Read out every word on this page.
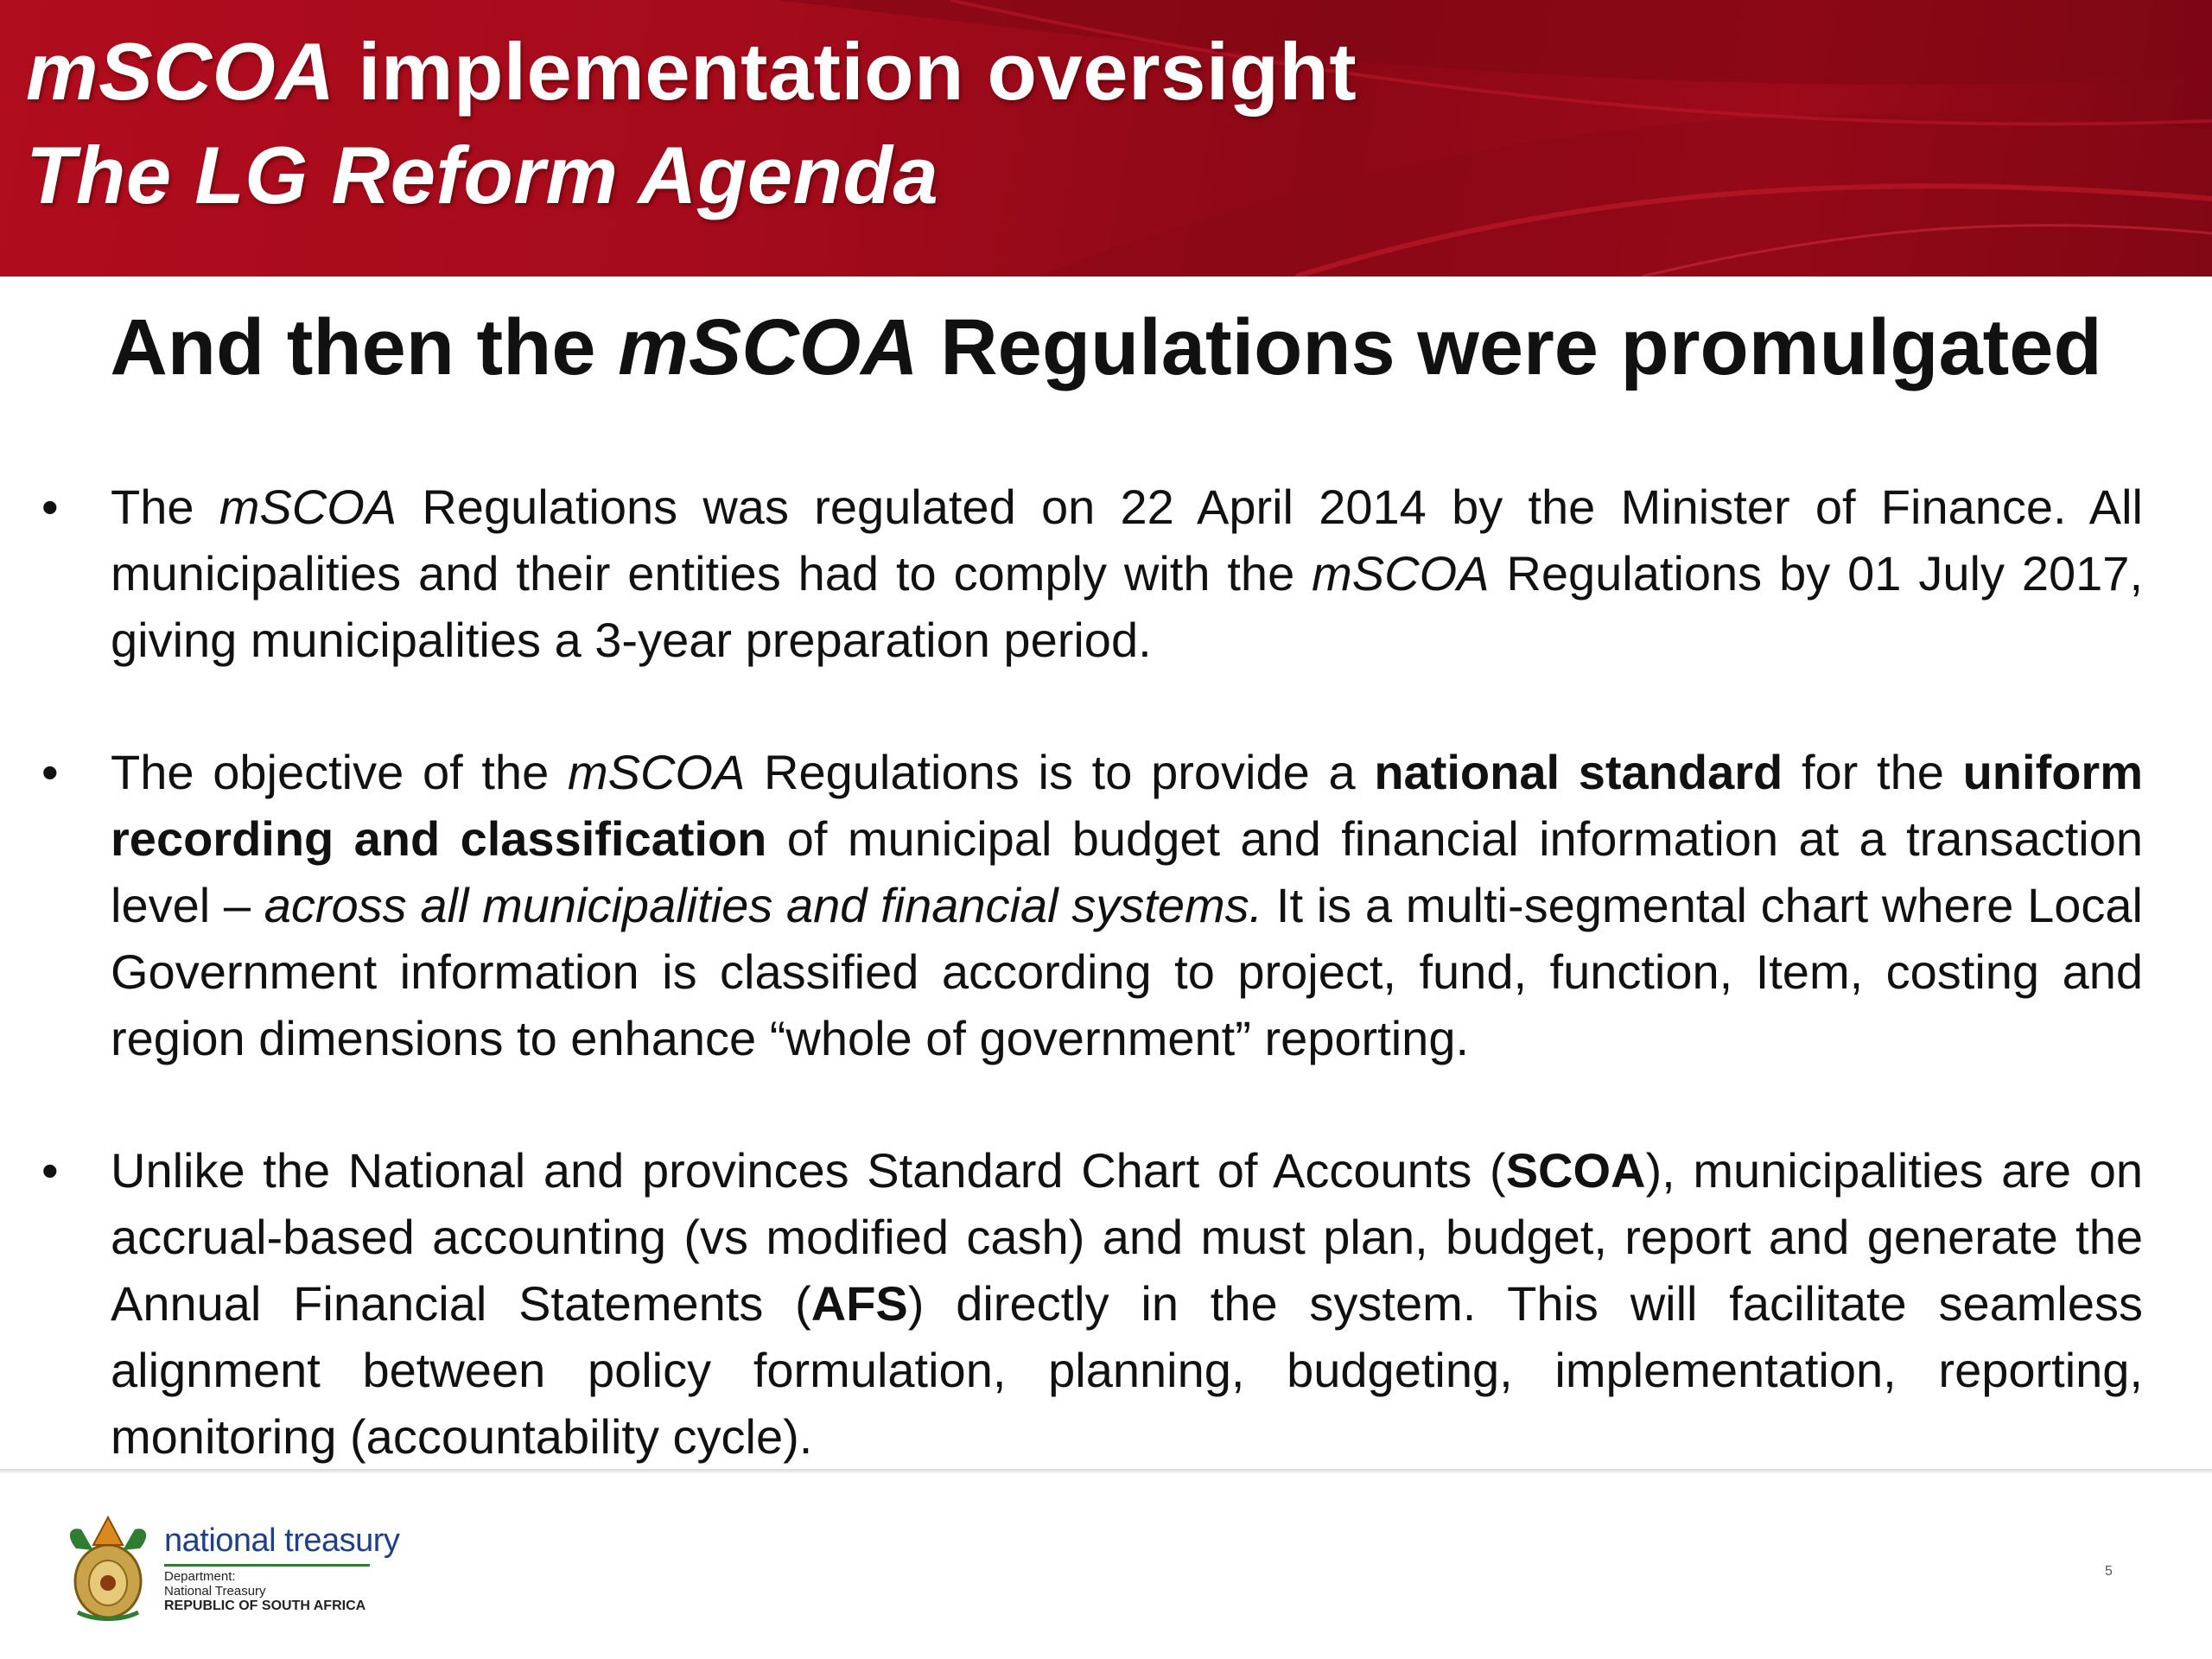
mSCOA implementation oversight
The LG Reform Agenda
And then the mSCOA Regulations were promulgated
• The mSCOA Regulations was regulated on 22 April 2014 by the Minister of Finance. All municipalities and their entities had to comply with the mSCOA Regulations by 01 July 2017, giving municipalities a 3-year preparation period.
• The objective of the mSCOA Regulations is to provide a national standard for the uniform recording and classification of municipal budget and financial information at a transaction level – across all municipalities and financial systems. It is a multi-segmental chart where Local Government information is classified according to project, fund, function, Item, costing and region dimensions to enhance “whole of government” reporting.
• Unlike the National and provinces Standard Chart of Accounts (SCOA), municipalities are on accrual-based accounting (vs modified cash) and must plan, budget, report and generate the Annual Financial Statements (AFS) directly in the system. This will facilitate seamless alignment between policy formulation, planning, budgeting, implementation, reporting, monitoring (accountability cycle).
national treasury
Department:
National Treasury
REPUBLIC OF SOUTH AFRICA
5
